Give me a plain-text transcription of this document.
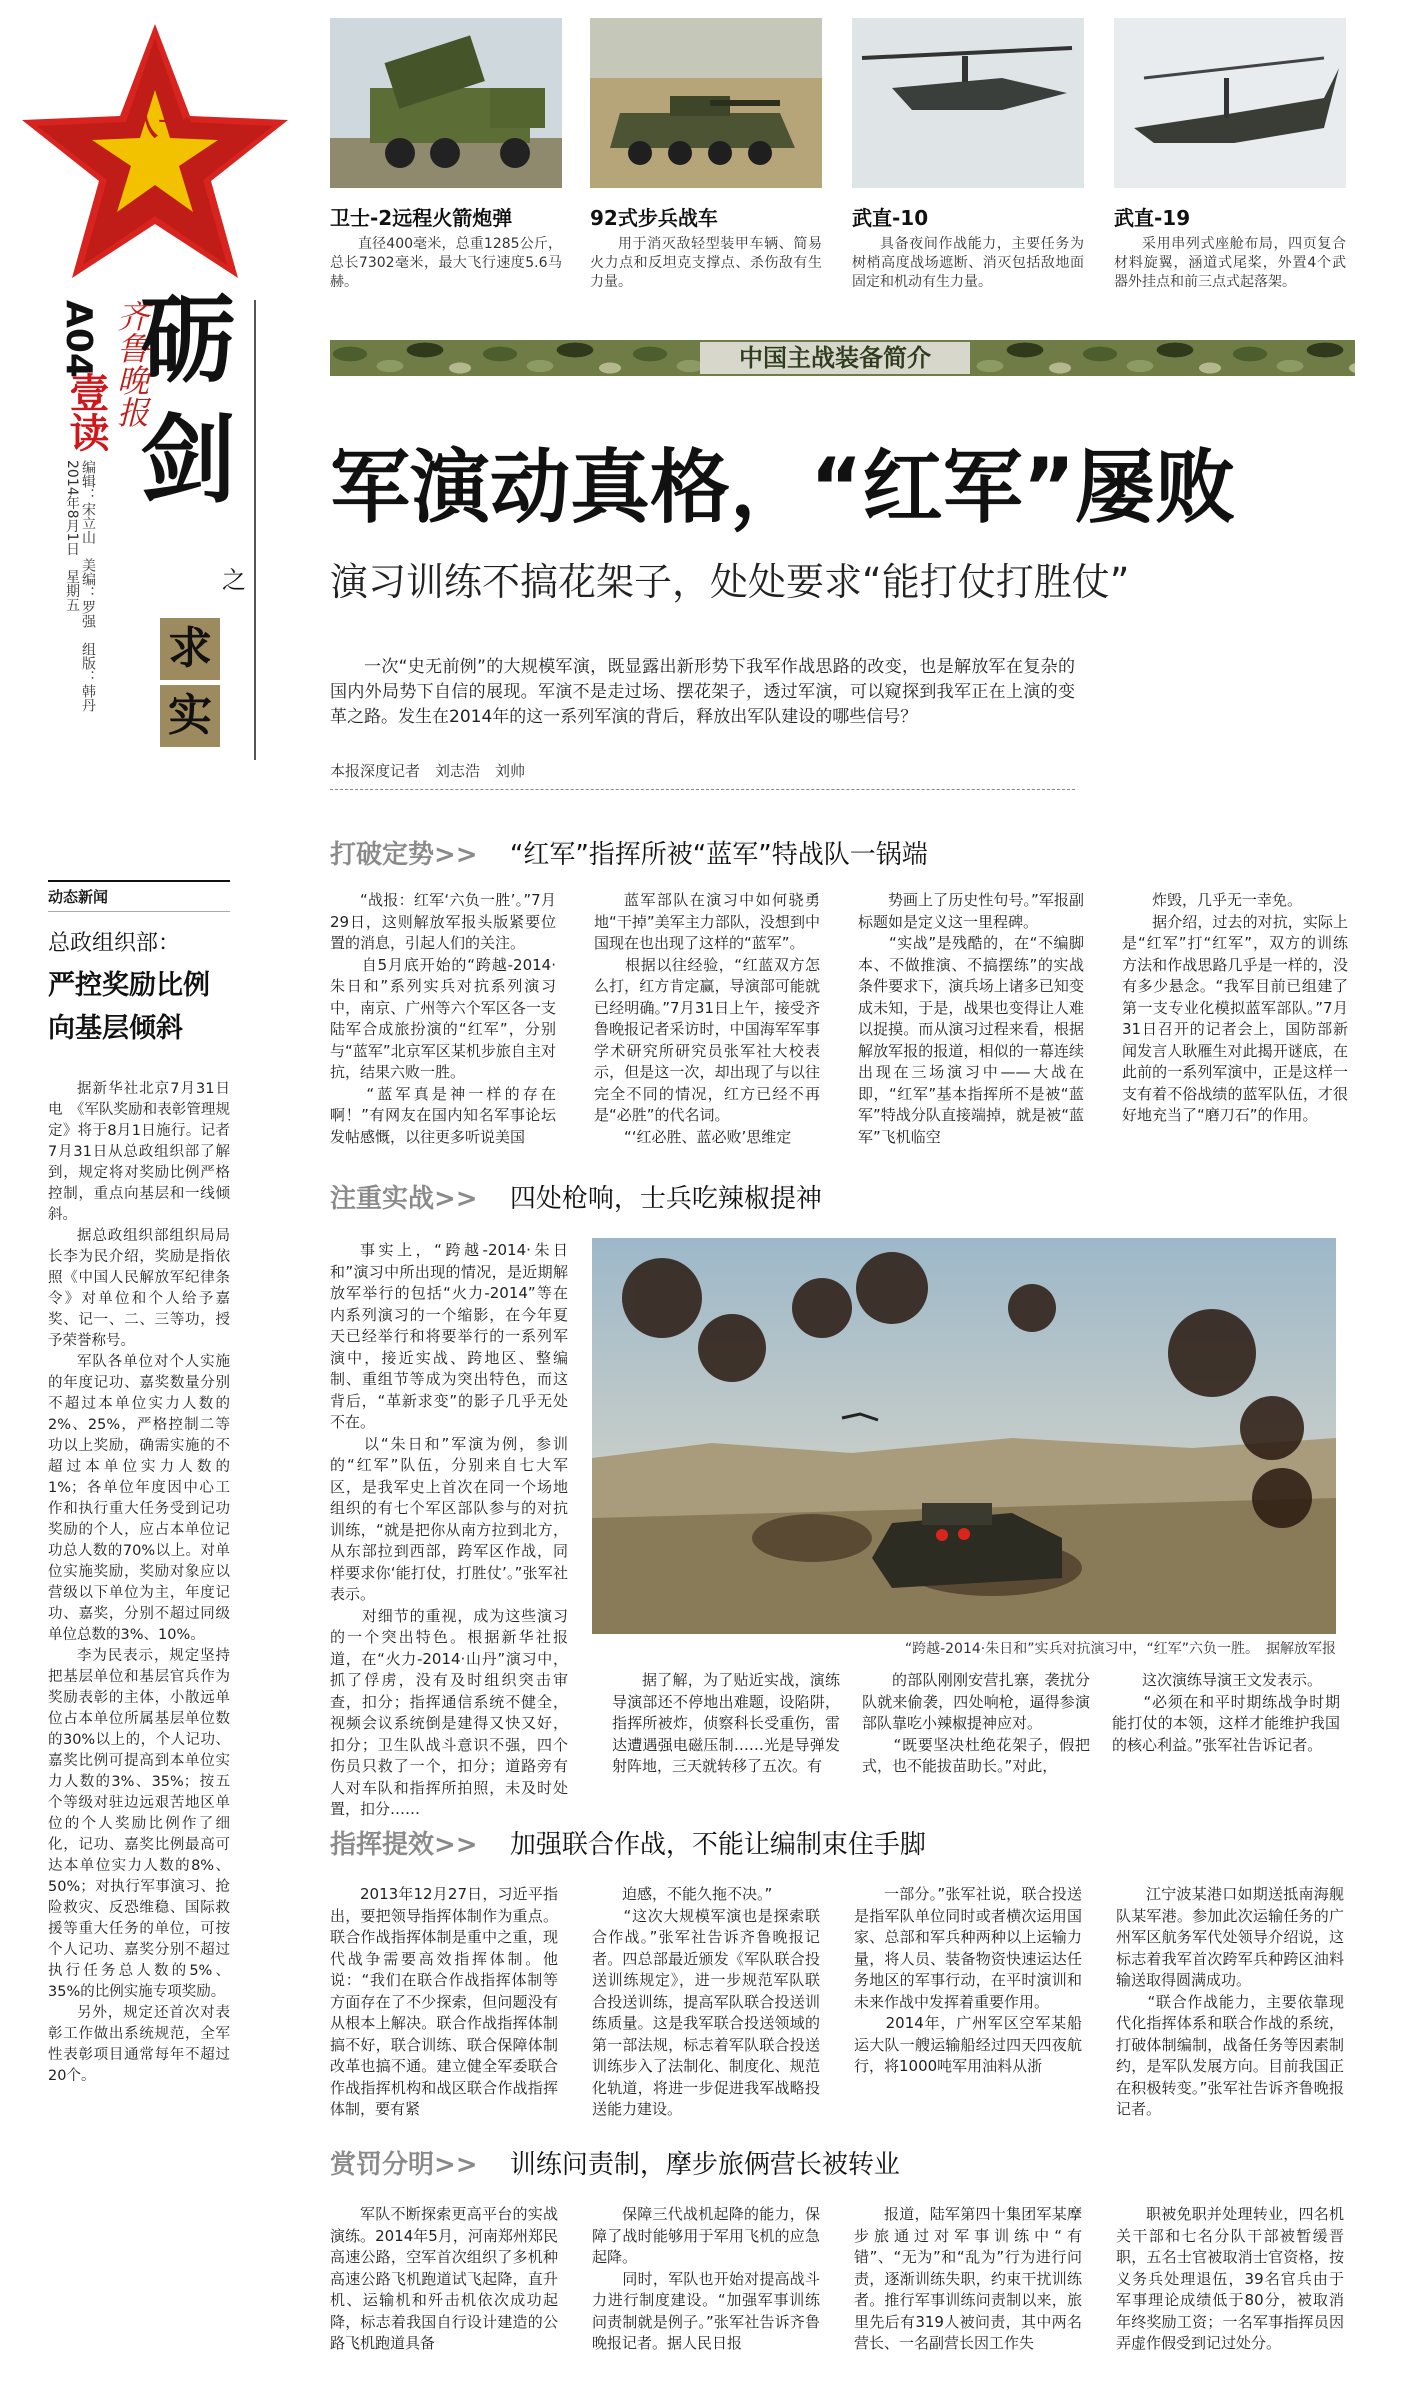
八一
A04
壹读
编辑：宋立山　美编：罗强　组版：韩丹
2014年8月1日　星期五
齐鲁晚报
砺
剑
之
求
实
动态新闻
总政组织部：
严控奖励比例
向基层倾斜

据新华社北京7月31日电　《军队奖励和表彰管理规定》将于8月1日施行。记者7月31日从总政组织部了解到，规定将对奖励比例严格控制，重点向基层和一线倾斜。

据总政组织部组织局局长李为民介绍，奖励是指依照《中国人民解放军纪律条令》对单位和个人给予嘉奖、记一、二、三等功，授予荣誉称号。

军队各单位对个人实施的年度记功、嘉奖数量分别不超过本单位实力人数的2%、25%，严格控制二等功以上奖励，确需实施的不超过本单位实力人数的1%；各单位年度因中心工作和执行重大任务受到记功奖励的个人，应占本单位记功总人数的70%以上。对单位实施奖励，奖励对象应以营级以下单位为主，年度记功、嘉奖，分别不超过同级单位总数的3%、10%。

李为民表示，规定坚持把基层单位和基层官兵作为奖励表彰的主体，小散远单位占本单位所属基层单位数的30%以上的，个人记功、嘉奖比例可提高到本单位实力人数的3%、35%；按五个等级对驻边远艰苦地区单位的个人奖励比例作了细化，记功、嘉奖比例最高可达本单位实力人数的8%、50%；对执行军事演习、抢险救灾、反恐维稳、国际救援等重大任务的单位，可按个人记功、嘉奖分别不超过执行任务总人数的5%、35%的比例实施专项奖励。

另外，规定还首次对表彰工作做出系统规范，全军性表彰项目通常每年不超过20个。

卫士-2远程火箭炮弹
直径400毫米，总重1285公斤，总长7302毫米，最大飞行速度5.6马赫。
92式步兵战车
用于消灭敌轻型装甲车辆、简易火力点和反坦克支撑点、杀伤敌有生力量。
武直-10
具备夜间作战能力，主要任务为树梢高度战场遮断、消灭包括敌地面固定和机动有生力量。
武直-19
采用串列式座舱布局，四页复合材料旋翼，涵道式尾桨，外置4个武器外挂点和前三点式起落架。
中国主战装备简介
军演动真格，“红军”屡败
演习训练不搞花架子，处处要求“能打仗打胜仗”
一次“史无前例”的大规模军演，既显露出新形势下我军作战思路的改变，也是解放军在复杂的国内外局势下自信的展现。军演不是走过场、摆花架子，透过军演，可以窥探到我军正在上演的变革之路。发生在2014年的这一系列军演的背后，释放出军队建设的哪些信号？
本报深度记者　刘志浩　刘帅
打破定势>> “红军”指挥所被“蓝军”特战队一锅端
“战报：红军‘六负一胜’。”7月29日，这则解放军报头版紧要位置的消息，引起人们的关注。
　　自5月底开始的“跨越-2014·朱日和”系列实兵对抗系列演习中，南京、广州等六个军区各一支陆军合成旅扮演的“红军”，分别与“蓝军”北京军区某机步旅自主对抗，结果六败一胜。
　　“蓝军真是神一样的存在啊！”有网友在国内知名军事论坛发帖感慨，以往更多听说美国
蓝军部队在演习中如何骁勇地“干掉”美军主力部队，没想到中国现在也出现了这样的“蓝军”。
　　根据以往经验，“红蓝双方怎么打，红方肯定赢，导演部可能就已经明确。”7月31日上午，接受齐鲁晚报记者采访时，中国海军军事学术研究所研究员张军社大校表示，但是这一次，却出现了与以往完全不同的情况，红方已经不再是“必胜”的代名词。
　　“‘红必胜、蓝必败’思维定
势画上了历史性句号。”军报副标题如是定义这一里程碑。
　　“实战”是残酷的，在“不编脚本、不做推演、不搞摆练”的实战条件要求下，演兵场上诸多已知变成未知，于是，战果也变得让人难以捉摸。而从演习过程来看，根据解放军报的报道，相似的一幕连续出现在三场演习中——大战在即，“红军”基本指挥所不是被“蓝军”特战分队直接端掉，就是被“蓝军”飞机临空
炸毁，几乎无一幸免。
　　据介绍，过去的对抗，实际上是“红军”打“红军”，双方的训练方法和作战思路几乎是一样的，没有多少悬念。“我军目前已组建了第一支专业化模拟蓝军部队。”7月31日召开的记者会上，国防部新闻发言人耿雁生对此揭开谜底，在此前的一系列军演中，正是这样一支有着不俗战绩的蓝军队伍，才很好地充当了“磨刀石”的作用。
注重实战>> 四处枪响，士兵吃辣椒提神
事实上，“跨越-2014·朱日和”演习中所出现的情况，是近期解放军举行的包括“火力-2014”等在内系列演习的一个缩影，在今年夏天已经举行和将要举行的一系列军演中，接近实战、跨地区、整编制、重组节等成为突出特色，而这背后，“革新求变”的影子几乎无处不在。
　　以“朱日和”军演为例，参训的“红军”队伍，分别来自七大军区，是我军史上首次在同一个场地组织的有七个军区部队参与的对抗训练，“就是把你从南方拉到北方，从东部拉到西部，跨军区作战，同样要求你‘能打仗，打胜仗’。”张军社表示。
　　对细节的重视，成为这些演习的一个突出特色。根据新华社报道，在“火力-2014·山丹”演习中，抓了俘虏，没有及时组织突击审查，扣分；指挥通信系统不健全，视频会议系统倒是建得又快又好，扣分；卫生队战斗意识不强，四个伤员只救了一个，扣分；道路旁有人对车队和指挥所拍照，未及时处置，扣分……
“跨越-2014·朱日和”实兵对抗演习中，“红军”六负一胜。　据解放军报
据了解，为了贴近实战，演练导演部还不停地出难题，设陷阱，指挥所被炸，侦察科长受重伤，雷达遭遇强电磁压制……光是导弹发射阵地，三天就转移了五次。有
的部队刚刚安营扎寨，袭扰分队就来偷袭，四处响枪，逼得参演部队靠吃小辣椒提神应对。
　　“既要坚决杜绝花架子，假把式，也不能拔苗助长。”对此，
这次演练导演王文发表示。
　　“必须在和平时期练战争时期能打仗的本领，这样才能维护我国的核心利益。”张军社告诉记者。
指挥提效>> 加强联合作战，不能让编制束住手脚
2013年12月27日，习近平指出，要把领导指挥体制作为重点。联合作战指挥体制是重中之重，现代战争需要高效指挥体制。他说：“我们在联合作战指挥体制等方面存在了不少探索，但问题没有从根本上解决。联合作战指挥体制搞不好，联合训练、联合保障体制改革也搞不通。建立健全军委联合作战指挥机构和战区联合作战指挥体制，要有紧
迫感，不能久拖不决。”
　　“这次大规模军演也是探索联合作战。”张军社告诉齐鲁晚报记者。四总部最近颁发《军队联合投送训练规定》，进一步规范军队联合投送训练，提高军队联合投送训练质量。这是我军联合投送领域的第一部法规，标志着军队联合投送训练步入了法制化、制度化、规范化轨道，将进一步促进我军战略投送能力建设。
一部分。”张军社说，联合投送是指军队单位同时或者横次运用国家、总部和军兵种两种以上运输力量，将人员、装备物资快速运达任务地区的军事行动，在平时演训和未来作战中发挥着重要作用。
　　2014年，广州军区空军某船运大队一艘运输船经过四天四夜航行，将1000吨军用油料从浙
江宁波某港口如期送抵南海舰队某军港。参加此次运输任务的广州军区航务军代处领导介绍说，这标志着我军首次跨军兵种跨区油料输送取得圆满成功。
　　“联合作战能力，主要依靠现代化指挥体系和联合作战的系统，打破体制编制，战备任务等因素制约，是军队发展方向。目前我国正在积极转变。”张军社告诉齐鲁晚报记者。
赏罚分明>> 训练问责制，摩步旅俩营长被转业
军队不断探索更高平台的实战演练。2014年5月，河南郑州郑民高速公路，空军首次组织了多机种高速公路飞机跑道试飞起降，直升机、运输机和歼击机依次成功起降，标志着我国自行设计建造的公路飞机跑道具备
保障三代战机起降的能力，保障了战时能够用于军用飞机的应急起降。
　　同时，军队也开始对提高战斗力进行制度建设。“加强军事训练问责制就是例子。”张军社告诉齐鲁晚报记者。据人民日报
报道，陆军第四十集团军某摩步旅通过对军事训练中“有错”、“无为”和“乱为”行为进行问责，逐渐训练失职，约束干扰训练者。推行军事训练问责制以来，旅里先后有319人被问责，其中两名营长、一名副营长因工作失
职被免职并处理转业，四名机关干部和七名分队干部被暂缓晋职，五名士官被取消士官资格，按义务兵处理退伍，39名官兵由于军事理论成绩低于80分，被取消年终奖励工资；一名军事指挥员因弄虚作假受到记过处分。
